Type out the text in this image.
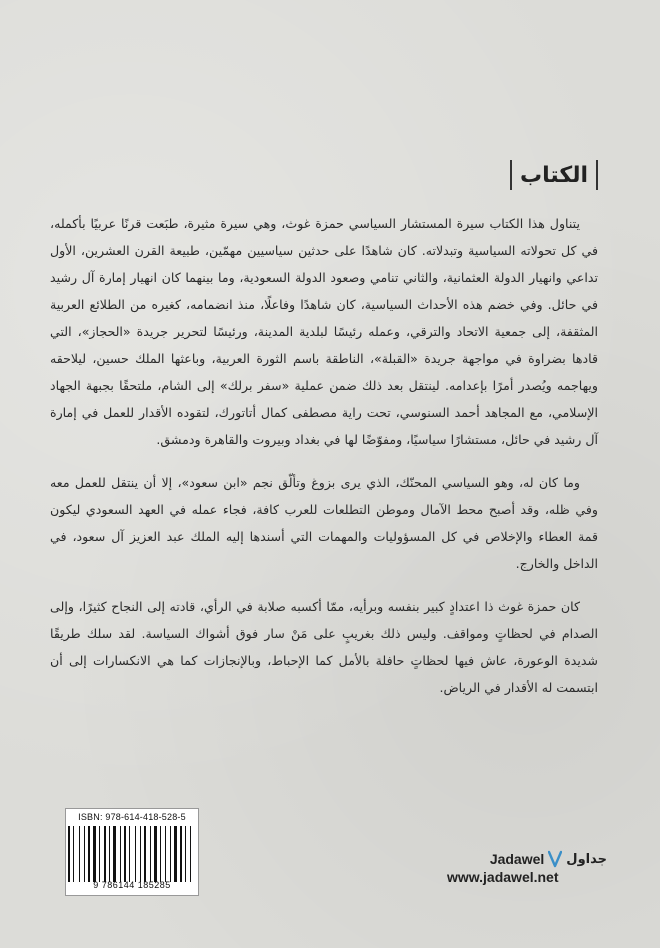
الكتاب

يتناول هذا الكتاب سيرة المستشار السياسي حمزة غوث، وهي سيرة مثيرة، طبَعت قرنًا عربيًا بأكمله، في كل تحولاته السياسية وتبدلاته. كان شاهدًا على حدثين سياسيين مهمّين، طبيعة القرن العشرين، الأول تداعي وانهيار الدولة العثمانية، والثاني تنامي وصعود الدولة السعودية، وما بينهما كان انهيار إمارة آل رشيد في حائل. وفي خضم هذه الأحداث السياسية، كان شاهدًا وفاعلًا، منذ انضمامه، كغيره من الطلائع العربية المثقفة، إلى جمعية الاتحاد والترقي، وعمله رئيسًا لبلدية المدينة، ورئيسًا لتحرير جريدة «الحجاز»، التي قادها بضراوة في مواجهة جريدة «القبلة»، الناطقة باسم الثورة العربية، وباعثها الملك حسين، ليلاحقه ويهاجمه ويُصدر أمرًا بإعدامه. لينتقل بعد ذلك ضمن عملية «سفر برلك» إلى الشام، ملتحقًا بجبهة الجهاد الإسلامي، مع المجاهد أحمد السنوسي، تحت راية مصطفى كمال أتاتورك، لتقوده الأقدار للعمل في إمارة آل رشيد في حائل، مستشارًا سياسيًا، ومفوّضًا لها في بغداد وبيروت والقاهرة ودمشق.

وما كان له، وهو السياسي المحنّك، الذي يرى بزوغ وتألّق نجم «ابن سعود»، إلا أن ينتقل للعمل معه وفي ظله، وقد أصبح محط الآمال وموطن التطلعات للعرب كافة، فجاء عمله في العهد السعودي ليكون قمة العطاء والإخلاص في كل المسؤوليات والمهمات التي أسندها إليه الملك عبد العزيز آل سعود، في الداخل والخارج.

كان حمزة غوث ذا اعتدادٍ كبير بنفسه وبرأيه، ممّا أكسبه صلابة في الرأي، قادته إلى النجاح كثيرًا، وإلى الصدام في لحظاتٍ ومواقف. وليس ذلك بغريبٍ على مَنْ سار فوق أشواك السياسة. لقد سلك طريقًا شديدة الوعورة، عاش فيها لحظاتٍ حافلة بالأمل كما الإحباط، وبالإنجازات كما هي الانكسارات إلى أن ابتسمت له الأقدار في الرياض.

ISBN: 978-614-418-528-5
9 786144 185285
Jadawel جداول
www.jadawel.net
